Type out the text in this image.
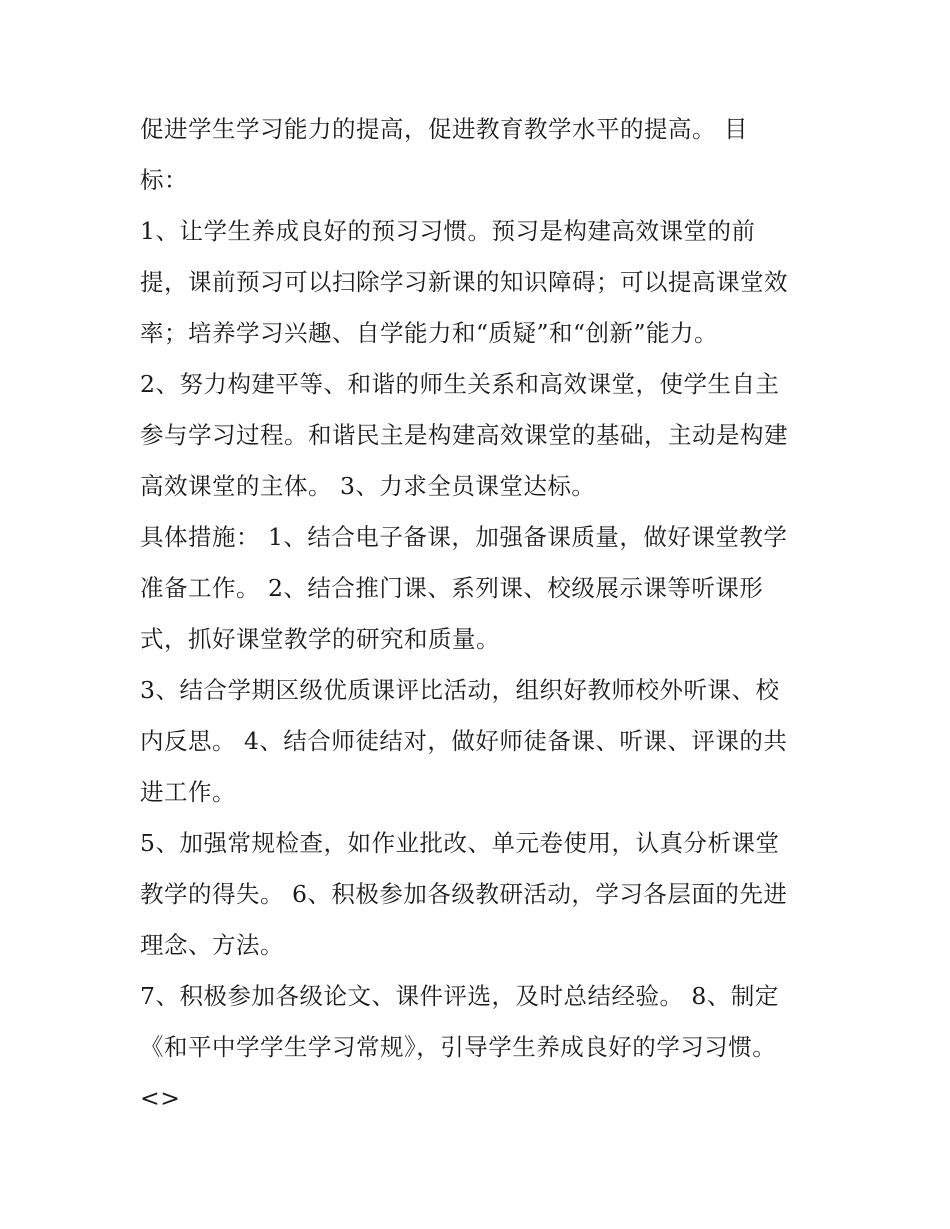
促进学生学习能力的提高，促进教育教学水平的提高。 目
标：
1、让学生养成良好的预习习惯。预习是构建高效课堂的前
提，课前预习可以扫除学习新课的知识障碍；可以提高课堂效
率；培养学习兴趣、自学能力和“质疑”和“创新”能力。
2、努力构建平等、和谐的师生关系和高效课堂，使学生自主
参与学习过程。和谐民主是构建高效课堂的基础，主动是构建
高效课堂的主体。 3、力求全员课堂达标。
具体措施： 1、结合电子备课，加强备课质量，做好课堂教学
准备工作。 2、结合推门课、系列课、校级展示课等听课形
式，抓好课堂教学的研究和质量。
3、结合学期区级优质课评比活动，组织好教师校外听课、校
内反思。 4、结合师徒结对，做好师徒备课、听课、评课的共
进工作。
5、加强常规检查，如作业批改、单元卷使用，认真分析课堂
教学的得失。 6、积极参加各级教研活动，学习各层面的先进
理念、方法。
7、积极参加各级论文、课件评选，及时总结经验。 8、制定
《和平中学学生学习常规》，引导学生养成良好的学习习惯。
<>
